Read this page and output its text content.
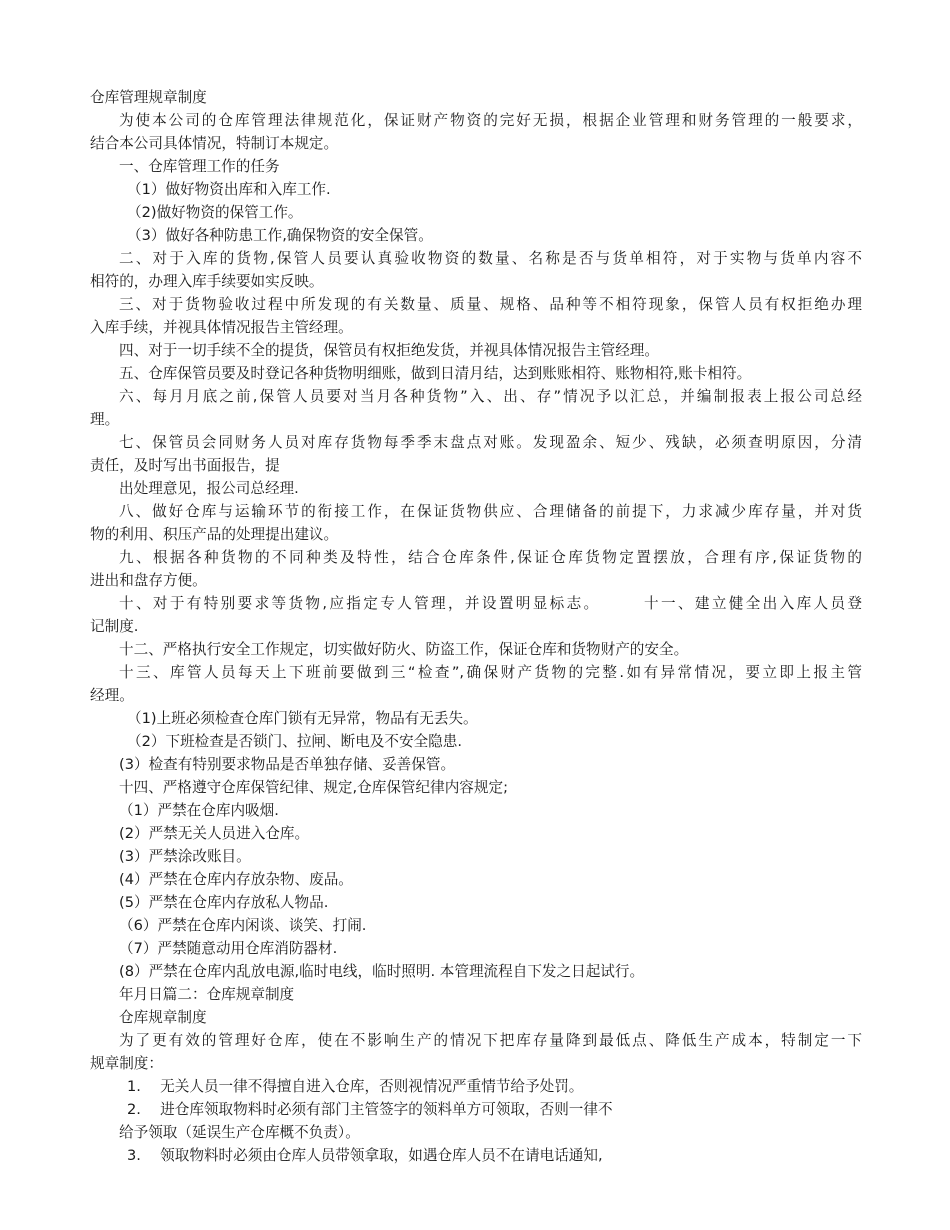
仓库管理规章制度

为使本公司的仓库管理法律规范化，保证财产物资的完好无损，根据企业管理和财务管理的一般要求，

结合本公司具体情况，特制订本规定。

一、仓库管理工作的任务

（1）做好物资出库和入库工作.

（2)做好物资的保管工作。

（3）做好各种防患工作,确保物资的安全保管。

二、对于入库的货物,保管人员要认真验收物资的数量、名称是否与货单相符，对于实物与货单内容不

相符的，办理入库手续要如实反映。

三、对于货物验收过程中所发现的有关数量、质量、规格、品种等不相符现象，保管人员有权拒绝办理

入库手续，并视具体情况报告主管经理。

四、对于一切手续不全的提货，保管员有权拒绝发货，并视具体情况报告主管经理。

五、仓库保管员要及时登记各种货物明细账，做到日清月结，达到账账相符、账物相符,账卡相符。

六、每月月底之前,保管人员要对当月各种货物”入、出、存”情况予以汇总，并编制报表上报公司总经

理。

七、保管员会同财务人员对库存货物每季季末盘点对账。发现盈余、短少、残缺，必须查明原因，分清

责任，及时写出书面报告，提

出处理意见，报公司总经理.

八、做好仓库与运输环节的衔接工作，在保证货物供应、合理储备的前提下，力求减少库存量，并对货

物的利用、积压产品的处理提出建议。

九、根据各种货物的不同种类及特性，结合仓库条件,保证仓库货物定置摆放，合理有序,保证货物的

进出和盘存方便。

十、对于有特别要求等货物,应指定专人管理，并设置明显标志。　　　十一、建立健全出入库人员登

记制度.

十二、严格执行安全工作规定，切实做好防火、防盗工作，保证仓库和货物财产的安全。

十三、库管人员每天上下班前要做到三“检查”,确保财产货物的完整.如有异常情况，要立即上报主管

经理。

（1)上班必须检查仓库门锁有无异常，物品有无丢失。

（2）下班检查是否锁门、拉闸、断电及不安全隐患.

(3）检查有特别要求物品是否单独存储、妥善保管。

十四、严格遵守仓库保管纪律、规定,仓库保管纪律内容规定;

（1）严禁在仓库内吸烟.

(2）严禁无关人员进入仓库。

(3）严禁涂改账目。

(4）严禁在仓库内存放杂物、废品。

(5）严禁在仓库内存放私人物品.

（6）严禁在仓库内闲谈、谈笑、打闹.

（7）严禁随意动用仓库消防器材.

(8）严禁在仓库内乱放电源,临时电线，临时照明. 本管理流程自下发之日起试行。

年月日篇二：仓库规章制度

仓库规章制度

为了更有效的管理好仓库，使在不影响生产的情况下把库存量降到最低点、降低生产成本，特制定一下

规章制度：

1.　 无关人员一律不得擅自进入仓库，否则视情况严重情节给予处罚。

2.　 进仓库领取物料时必须有部门主管签字的领料单方可领取，否则一律不

给予领取（延误生产仓库概不负责）。

3.　 领取物料时必须由仓库人员带领拿取，如遇仓库人员不在请电话通知,
